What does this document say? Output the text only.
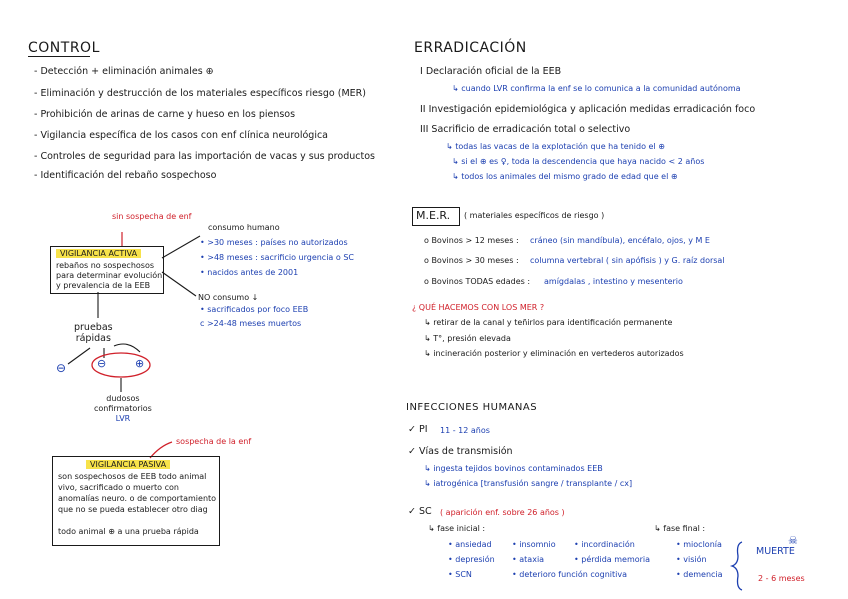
CONTROL
- Detección + eliminación animales ⊕
- Eliminación y destrucción de los materiales específicos riesgo (MER)
- Prohibición de arinas de carne y hueso en los piensos
- Vigilancia específica de los casos con enf clínica neurológica
- Controles de seguridad para las importación de vacas y sus productos
- Identificación del rebaño sospechoso
ERRADICACIÓN
I Declaración oficial de la EEB
↳ cuando LVR confirma la enf se lo comunica a la comunidad autónoma
II Investigación epidemiológica y aplicación medidas erradicación foco
III Sacrificio de erradicación total o selectivo
↳ todas las vacas de la explotación que ha tenido el ⊕
↳ si el ⊕ es ♀, toda la descendencia que haya nacido < 2 años
↳ todos los animales del mismo grado de edad que el ⊕
M.E.R. ( materiales específicos de riesgo )
o Bovinos > 12 meses : cráneo (sin mandíbula), encéfalo, ojos, y M E
o Bovinos > 30 meses : columna vertebral ( sin apófisis ) y G. raíz dorsal
o Bovinos TODAS edades : amígdalas , intestino y mesenterio
¿ QUÉ HACEMOS CON LOS MER ?
↳ retirar de la canal y teñirlos para identificación permanente
↳ T°, presión elevada
↳ incineración posterior y eliminación en vertederos autorizados
sin sospecha de enf
VIGILANCIA ACTIVA
rebaños no sospechosos
para determinar evolución
y prevalencia de la EEB
consumo humano
• >30 meses : países no autorizados
• >48 meses : sacrificio urgencia o SC
• nacidos antes de 2001
NO consumo ↓
• sacrificados por foco EEB
c >24-48 meses muertos
pruebas
rápidas
⊖	⊖	⊕
dudosos
confirmatorios
LVR
sospecha de la enf
VIGILANCIA PASIVA
son sospechosos de EEB todo animal
vivo, sacrificado o muerto con
anomalías neuro. o de comportamiento
que no se pueda establecer otro diag
todo animal ⊕ a una prueba rápida
INFECCIONES HUMANAS
✓ PI 11 - 12 años
✓ Vías de transmisión
↳ ingesta tejidos bovinos contaminados EEB
↳ iatrogénica [transfusión sangre / transplante / cx]
✓ SC ( aparición enf. sobre 26 años )
↳ fase inicial :
• ansiedad
• depresión
• SCN
• insomnio
• ataxia
• deterioro función cognitiva
• incordinación
• pérdida memoria
↳ fase final :
• mioclonía
• visión
• demencia
MUERTE
☠
2 - 6 meses
